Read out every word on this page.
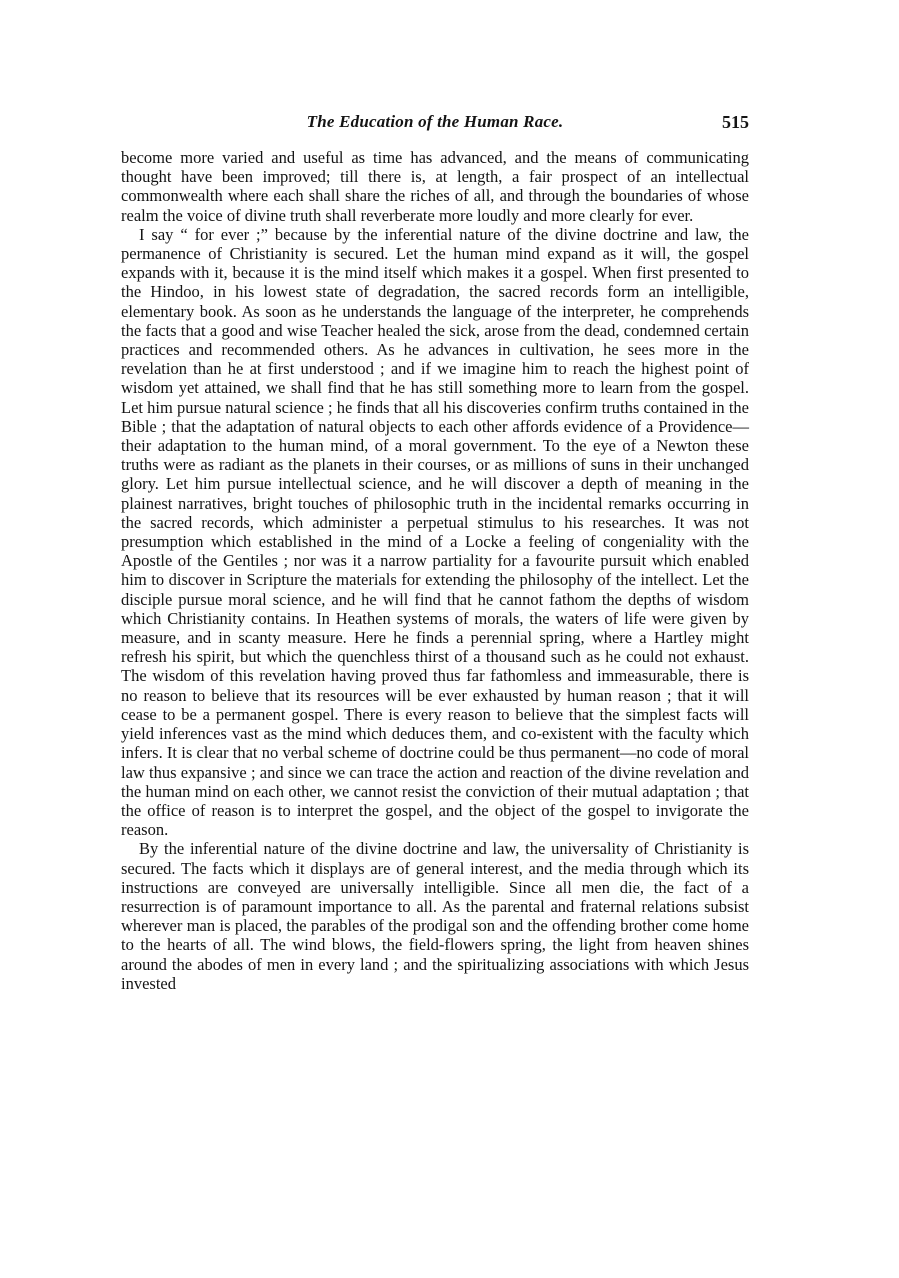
The Education of the Human Race.	515

become more varied and useful as time has advanced, and the means of communicating thought have been improved; till there is, at length, a fair prospect of an intellectual commonwealth where each shall share the riches of all, and through the boundaries of whose realm the voice of divine truth shall reverberate more loudly and more clearly for ever.

I say “ for ever ;” because by the inferential nature of the divine doctrine and law, the permanence of Christianity is secured. Let the human mind expand as it will, the gospel expands with it, because it is the mind itself which makes it a gospel. When first presented to the Hindoo, in his lowest state of degradation, the sacred records form an intelligible, elementary book. As soon as he understands the language of the interpreter, he comprehends the facts that a good and wise Teacher healed the sick, arose from the dead, condemned certain practices and recommended others. As he advances in cultivation, he sees more in the revelation than he at first understood ; and if we imagine him to reach the highest point of wisdom yet attained, we shall find that he has still something more to learn from the gospel. Let him pursue natural science ; he finds that all his discoveries confirm truths contained in the Bible ; that the adaptation of natural objects to each other affords evidence of a Providence—their adaptation to the human mind, of a moral government. To the eye of a Newton these truths were as radiant as the planets in their courses, or as millions of suns in their unchanged glory. Let him pursue intellectual science, and he will discover a depth of meaning in the plainest narratives, bright touches of philosophic truth in the incidental remarks occurring in the sacred records, which administer a perpetual stimulus to his researches. It was not presumption which established in the mind of a Locke a feeling of congeniality with the Apostle of the Gentiles ; nor was it a narrow partiality for a favourite pursuit which enabled him to discover in Scripture the materials for extending the philosophy of the intellect. Let the disciple pursue moral science, and he will find that he cannot fathom the depths of wisdom which Christianity contains. In Heathen systems of morals, the waters of life were given by measure, and in scanty measure. Here he finds a perennial spring, where a Hartley might refresh his spirit, but which the quenchless thirst of a thousand such as he could not exhaust. The wisdom of this revelation having proved thus far fathomless and immeasurable, there is no reason to believe that its resources will be ever exhausted by human reason ; that it will cease to be a permanent gospel. There is every reason to believe that the simplest facts will yield inferences vast as the mind which deduces them, and co-existent with the faculty which infers. It is clear that no verbal scheme of doctrine could be thus permanent—no code of moral law thus expansive ; and since we can trace the action and reaction of the divine revelation and the human mind on each other, we cannot resist the conviction of their mutual adaptation ; that the office of reason is to interpret the gospel, and the object of the gospel to invigorate the reason.

By the inferential nature of the divine doctrine and law, the universality of Christianity is secured. The facts which it displays are of general interest, and the media through which its instructions are conveyed are universally intelligible. Since all men die, the fact of a resurrection is of paramount importance to all. As the parental and fraternal relations subsist wherever man is placed, the parables of the prodigal son and the offending brother come home to the hearts of all. The wind blows, the field-flowers spring, the light from heaven shines around the abodes of men in every land ; and the spiritualizing associations with which Jesus invested
